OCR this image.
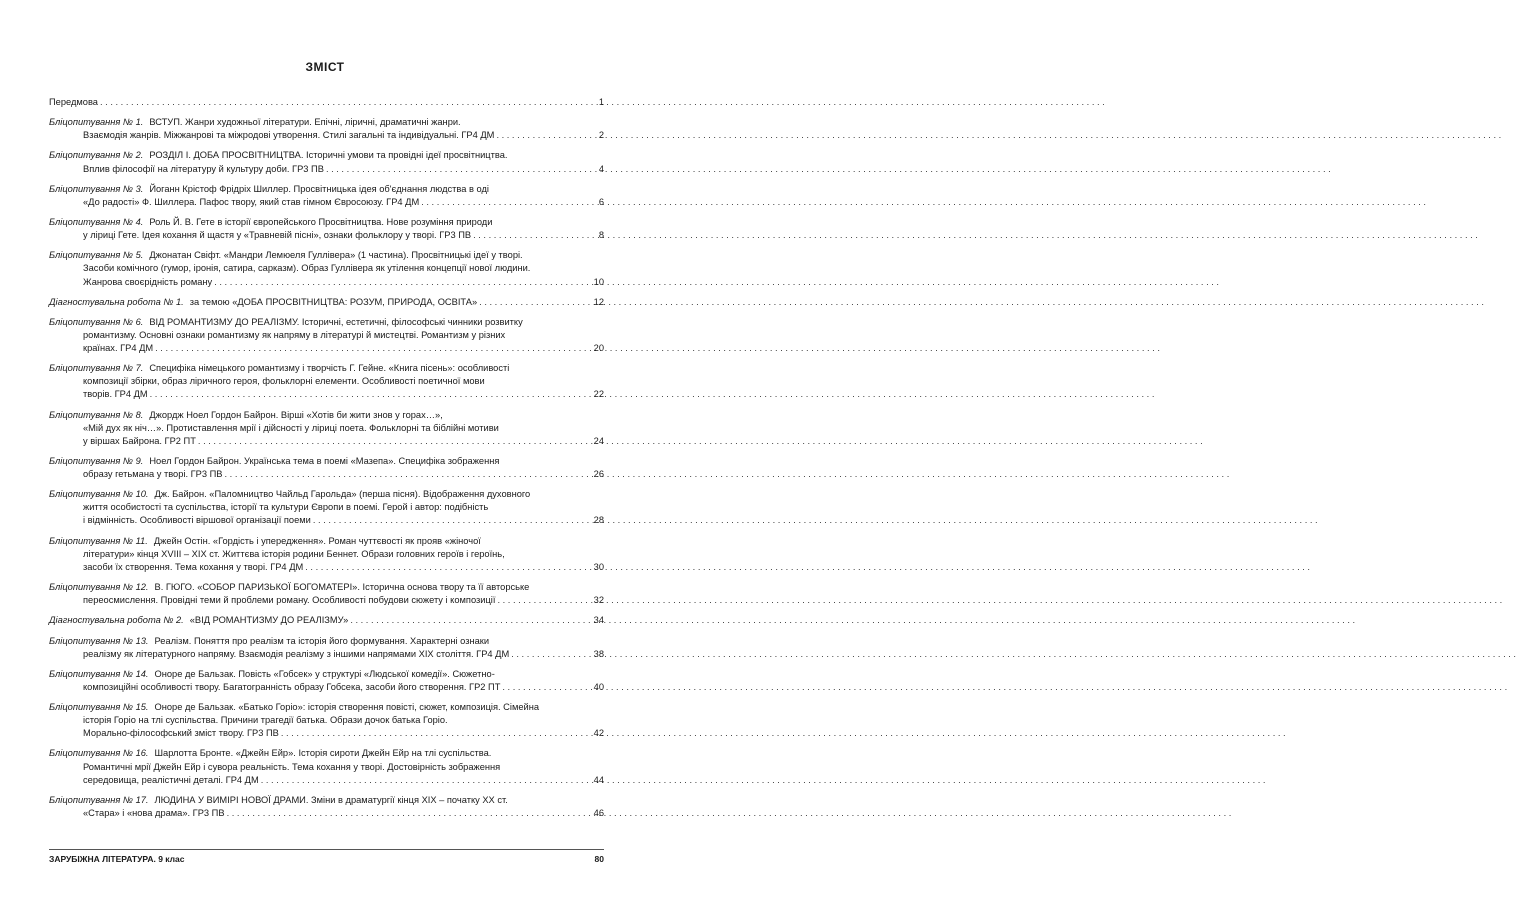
ЗМІСТ
Передмова . . .	1
Бліцопитування № 1. ВСТУП. Жанри художньої літератури. Епічні, ліричні, драматичні жанри.
Взаємодія жанрів. Міжжанрові та міжродові утворення. Стилі загальні та індивідуальні. ГР4 ДМ . . .	2
Бліцопитування № 2. РОЗДІЛ І. ДОБА ПРОСВІТНИЦТВА. Історичні умови та провідні ідеї просвітництва.
Вплив філософії на літературу й культуру доби. ГР3 ПВ . . .	4
Бліцопитування № 3. Йоганн Крістоф Фрідріх Шиллер. Просвітницька ідея об'єднання людства в оді
«До радості» Ф. Шиллера. Пафос твору, який став гімном Євросоюзу. ГР4 ДМ . . .	6
Бліцопитування № 4. Роль Й. В. Гете в історії європейського Просвітництва. Нове розуміння природи
у ліриці Гете. Ідея кохання й щастя у «Травневій пісні», ознаки фольклору у творі. ГР3 ПВ . . .	8
Бліцопитування № 5. Джонатан Свіфт. «Мандри Лемюеля Гуллівера» (1 частина). Просвітницькі ідеї у творі.
Засоби комічного (гумор, іронія, сатира, сарказм). Образ Гуллівера як утілення концепції нової людини.
Жанрова своєрідність роману . . .	10
Діагностувальна робота № 1. за темою «ДОБА ПРОСВІТНИЦТВА: РОЗУМ, ПРИРОДА, ОСВІТА» . . .	12
Бліцопитування № 6. ВІД РОМАНТИЗМУ ДО РЕАЛІЗМУ. Історичні, естетичні, філософські чинники розвитку
романтизму. Основні ознаки романтизму як напряму в літературі й мистецтві. Романтизм у різних
країнах. ГР4 ДМ . . .	20
Бліцопитування № 7. Специфіка німецького романтизму і творчість Г. Гейне. «Книга пісень»: особливості
композиції збірки, образ ліричного героя, фольклорні елементи. Особливості поетичної мови
творів. ГР4 ДМ . . .	22
Бліцопитування № 8. Джордж Ноел Гордон Байрон. Вірші «Хотів би жити знов у горах…»,
«Мій дух як ніч…». Протиставлення мрії і дійсності у ліриці поета. Фольклорні та біблійні мотиви
у віршах Байрона. ГР2 ПТ . . .	24
Бліцопитування № 9. Ноел Гордон Байрон. Українська тема в поемі «Мазепа». Специфіка зображення
образу гетьмана у творі. ГР3 ПВ . . .	26
Бліцопитування № 10. Дж. Байрон. «Паломництво Чайльд Гарольда» (перша пісня). Відображення духовного
життя особистості та суспільства, історії та культури Європи в поемі. Герой і автор: подібність
і відмінність. Особливості віршової організації поеми . . .	28
Бліцопитування № 11. Джейн Остін. «Гордість і упередження». Роман чуттєвості як прояв «жіночої
літератури» кінця XVIII – XIX ст. Життєва історія родини Беннет. Образи головних героїв і героїнь,
засоби їх створення. Тема кохання у творі. ГР4 ДМ . . .	30
Бліцопитування № 12. В. ГЮГО. «СОБОР ПАРИЗЬКОЇ БОГОМАТЕРІ». Історична основа твору та її авторське
переосмислення. Провідні теми й проблеми роману. Особливості побудови сюжету і композиції . . .	32
Діагностувальна робота № 2. «ВІД РОМАНТИЗМУ ДО РЕАЛІЗМУ» . . .	34
Бліцопитування № 13. Реалізм. Поняття про реалізм та історія його формування. Характерні ознаки
реалізму як літературного напряму. Взаємодія реалізму з іншими напрямами XIX століття. ГР4 ДМ . . .	38
Бліцопитування № 14. Оноре де Бальзак. Повість «Гобсек» у структурі «Людської комедії». Сюжетно-
композиційні особливості твору. Багатогранність образу Гобсека, засоби його створення. ГР2 ПТ . . .	40
Бліцопитування № 15. Оноре де Бальзак. «Батько Горіо»: історія створення повісті, сюжет, композиція. Сімейна
історія Горіо на тлі суспільства. Причини трагедії батька. Образи дочок батька Горіо.
Морально-філософський зміст твору. ГР3 ПВ . . .	42
Бліцопитування № 16. Шарлотта Бронте. «Джейн Ейр». Історія сироти Джейн Ейр на тлі суспільства.
Романтичні мрії Джейн Ейр і сувора реальність. Тема кохання у творі. Достовірність зображення
середовища, реалістичні деталі. ГР4 ДМ . . .	44
Бліцопитування № 17. ЛЮДИНА У ВИМІРІ НОВОЇ ДРАМИ. Зміни в драматургії кінця XIX – початку XX ст.
«Стара» і «нова драма». ГР3 ПВ . . .	46
ЗАРУБІЖНА ЛІТЕРАТУРА. 9 клас	80
